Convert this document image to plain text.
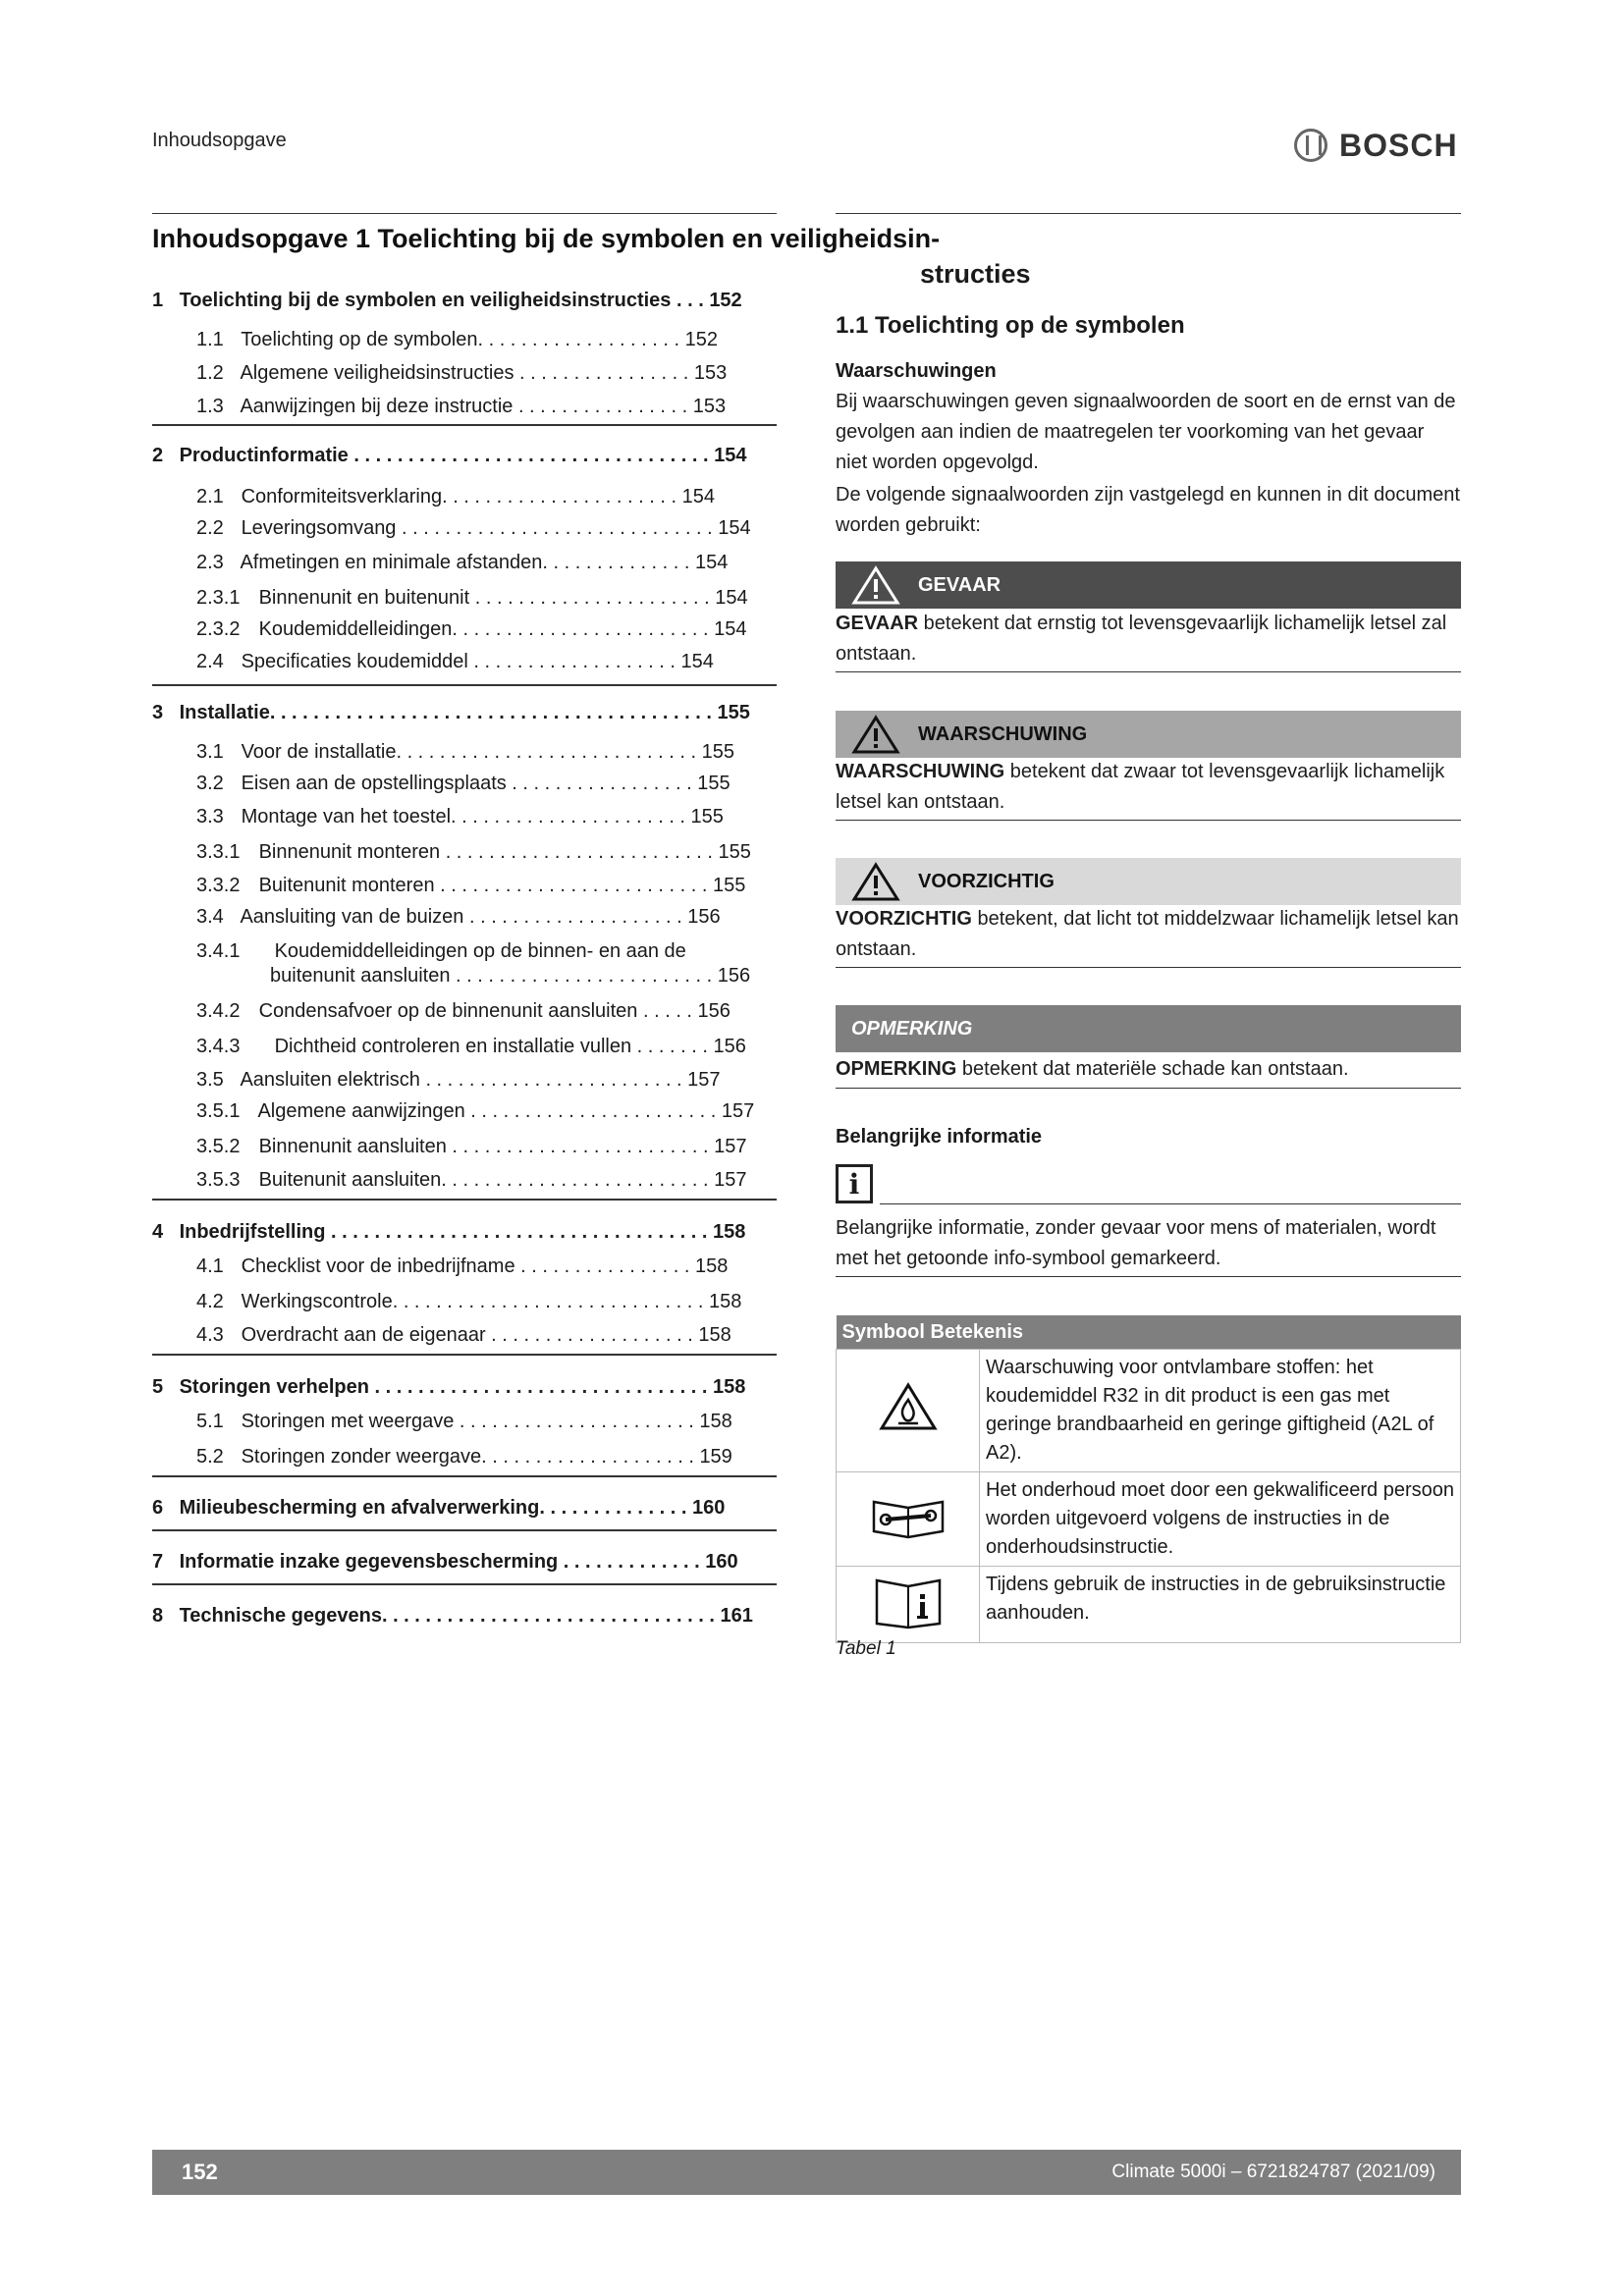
Inhoudsopgave	BOSCH
Inhoudsopgave 1 Toelichting bij de symbolen en veiligheidsin-
1 Toelichting bij de symbolen en veiligheidsinstructies . . . 152
1.1 Toelichting op de symbolen. . . . . . . . . . . . . . . . . . . 152
1.2 Algemene veiligheidsinstructies . . . . . . . . . . . . . . . . 153
1.3 Aanwijzingen bij deze instructie . . . . . . . . . . . . . . . . 153
2 Productinformatie . . . . . . . . . . . . . . . . . . . . . . . . . . . . . . . . . 154
2.1 Conformiteitsverklaring. . . . . . . . . . . . . . . . . . . . . . 154
2.2 Leveringsomvang . . . . . . . . . . . . . . . . . . . . . . . . . . . . . 154
2.3 Afmetingen en minimale afstanden. . . . . . . . . . . . . . 154
2.3.1 Binnenunit en buitenunit . . . . . . . . . . . . . . . . . . . . . . 154
2.3.2 Koudemiddelleidingen. . . . . . . . . . . . . . . . . . . . . . . . 154
2.4 Specificaties koudemiddel . . . . . . . . . . . . . . . . . . . 154
3 Installatie. . . . . . . . . . . . . . . . . . . . . . . . . . . . . . . . . . . . . . . . . 155
3.1 Voor de installatie. . . . . . . . . . . . . . . . . . . . . . . . . . . . 155
3.2 Eisen aan de opstellingsplaats . . . . . . . . . . . . . . . . . 155
3.3 Montage van het toestel. . . . . . . . . . . . . . . . . . . . . . 155
3.3.1 Binnenunit monteren . . . . . . . . . . . . . . . . . . . . . . . . . 155
3.3.2 Buitenunit monteren . . . . . . . . . . . . . . . . . . . . . . . . . 155
3.4 Aansluiting van de buizen . . . . . . . . . . . . . . . . . . . . 156
3.4.1 Koudemiddelleidingen op de binnen- en aan de
buitenunit aansluiten . . . . . . . . . . . . . . . . . . . . . . . . 156
3.4.2 Condensafvoer op de binnenunit aansluiten . . . . . 156
3.4.3 Dichtheid controleren en installatie vullen . . . . . . . 156
3.5 Aansluiten elektrisch . . . . . . . . . . . . . . . . . . . . . . . . 157
3.5.1 Algemene aanwijzingen . . . . . . . . . . . . . . . . . . . . . . . 157
3.5.2 Binnenunit aansluiten . . . . . . . . . . . . . . . . . . . . . . . . 157
3.5.3 Buitenunit aansluiten. . . . . . . . . . . . . . . . . . . . . . . . . 157
4 Inbedrijfstelling . . . . . . . . . . . . . . . . . . . . . . . . . . . . . . . . . . . 158
4.1 Checklist voor de inbedrijfname . . . . . . . . . . . . . . . . 158
4.2 Werkingscontrole. . . . . . . . . . . . . . . . . . . . . . . . . . . . . 158
4.3 Overdracht aan de eigenaar . . . . . . . . . . . . . . . . . . . 158
5 Storingen verhelpen . . . . . . . . . . . . . . . . . . . . . . . . . . . . . . . 158
5.1 Storingen met weergave . . . . . . . . . . . . . . . . . . . . . . 158
5.2 Storingen zonder weergave. . . . . . . . . . . . . . . . . . . . 159
6 Milieubescherming en afvalverwerking. . . . . . . . . . . . . . 160
7 Informatie inzake gegevensbescherming . . . . . . . . . . . . . 160
8 Technische gegevens. . . . . . . . . . . . . . . . . . . . . . . . . . . . . . . 161
structies
1.1 Toelichting op de symbolen
Waarschuwingen
Bij waarschuwingen geven signaalwoorden de soort en de ernst van de gevolgen aan indien de maatregelen ter voorkoming van het gevaar niet worden opgevolgd.
De volgende signaalwoorden zijn vastgelegd en kunnen in dit document worden gebruikt:
GEVAAR
GEVAAR betekent dat ernstig tot levensgevaarlijk lichamelijk letsel zal ontstaan.
WAARSCHUWING
WAARSCHUWING betekent dat zwaar tot levensgevaarlijk lichamelijk letsel kan ontstaan.
VOORZICHTIG
VOORZICHTIG betekent, dat licht tot middelzwaar lichamelijk letsel kan ontstaan.
OPMERKING
OPMERKING betekent dat materiële schade kan ontstaan.
Belangrijke informatie
i
Belangrijke informatie, zonder gevaar voor mens of materialen, wordt met het getoonde info-symbool gemarkeerd.
Symbool Betekenis	
	Waarschuwing voor ontvlambare stoffen: het koudemiddel R32 in dit product is een gas met geringe brandbaarheid en geringe giftigheid (A2L of A2).
	Het onderhoud moet door een gekwalificeerd persoon worden uitgevoerd volgens de instructies in de onderhoudsinstructie.
	Tijdens gebruik de instructies in de gebruiksinstructie aanhouden.
Tabel 1
152	Climate 5000i – 6721824787 (2021/09)
